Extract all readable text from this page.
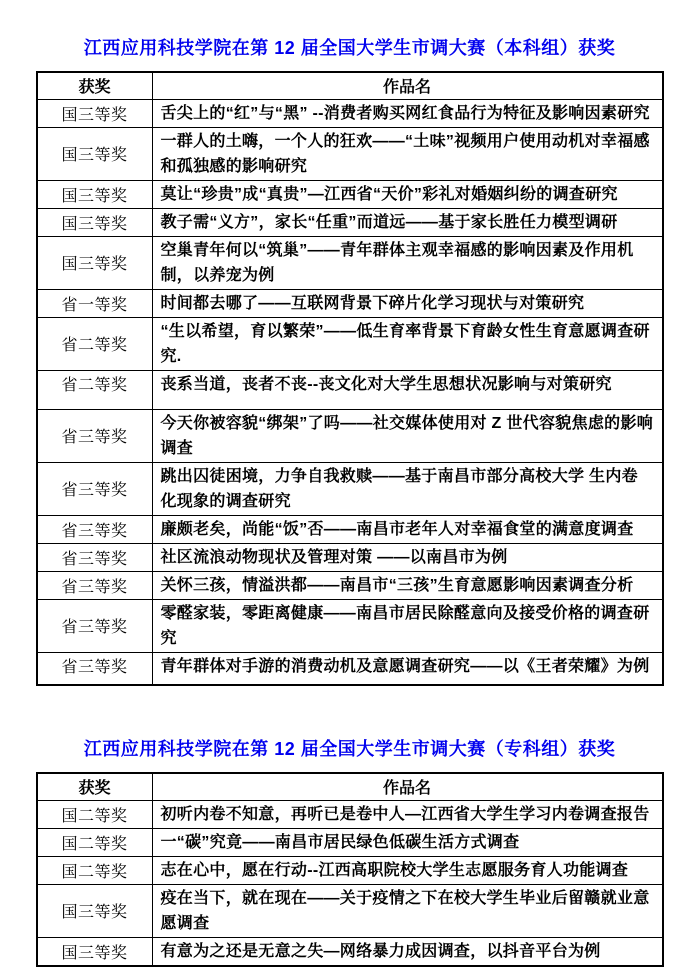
江西应用科技学院在第 12 届全国大学生市调大赛（本科组）获奖
获奖	作品名
国三等奖	舌尖上的“红”与“黑” --消费者购买网红食品行为特征及影响因素研究
国三等奖	一群人的土嗨，一个人的狂欢——“土味”视频用户使用动机对幸福感和孤独感的影响研究
国三等奖	莫让“珍贵”成“真贵”—江西省“天价”彩礼对婚姻纠纷的调查研究
国三等奖	教子需“义方”，家长“任重”而道远——基于家长胜任力模型调研
国三等奖	空巢青年何以“筑巢”——青年群体主观幸福感的影响因素及作用机制，以养宠为例
省一等奖	时间都去哪了——互联网背景下碎片化学习现状与对策研究
省二等奖	“生以希望，育以繁荣”——低生育率背景下育龄女性生育意愿调查研究.
省二等奖	丧系当道，丧者不丧--丧文化对大学生思想状况影响与对策研究
省三等奖	今天你被容貌“绑架”了吗——社交媒体使用对 Z 世代容貌焦虑的影响调查
省三等奖	跳出囚徒困境，力争自我救赎——基于南昌市部分高校大学 生内卷化现象的调查研究
省三等奖	廉颇老矣，尚能“饭”否——南昌市老年人对幸福食堂的满意度调查
省三等奖	社区流浪动物现状及管理对策 ——以南昌市为例
省三等奖	关怀三孩，情溢洪都——南昌市“三孩”生育意愿影响因素调查分析
省三等奖	零醛家装，零距离健康——南昌市居民除醛意向及接受价格的调查研究
省三等奖	青年群体对手游的消费动机及意愿调查研究——以《王者荣耀》为例
江西应用科技学院在第 12 届全国大学生市调大赛（专科组）获奖
获奖	作品名
国二等奖	初听内卷不知意，再听已是卷中人—江西省大学生学习内卷调查报告
国二等奖	一“碳”究竟——南昌市居民绿色低碳生活方式调查
国二等奖	志在心中，愿在行动--江西高职院校大学生志愿服务育人功能调查
国三等奖	疫在当下，就在现在——关于疫情之下在校大学生毕业后留赣就业意愿调查
国三等奖	有意为之还是无意之失—网络暴力成因调查，以抖音平台为例
